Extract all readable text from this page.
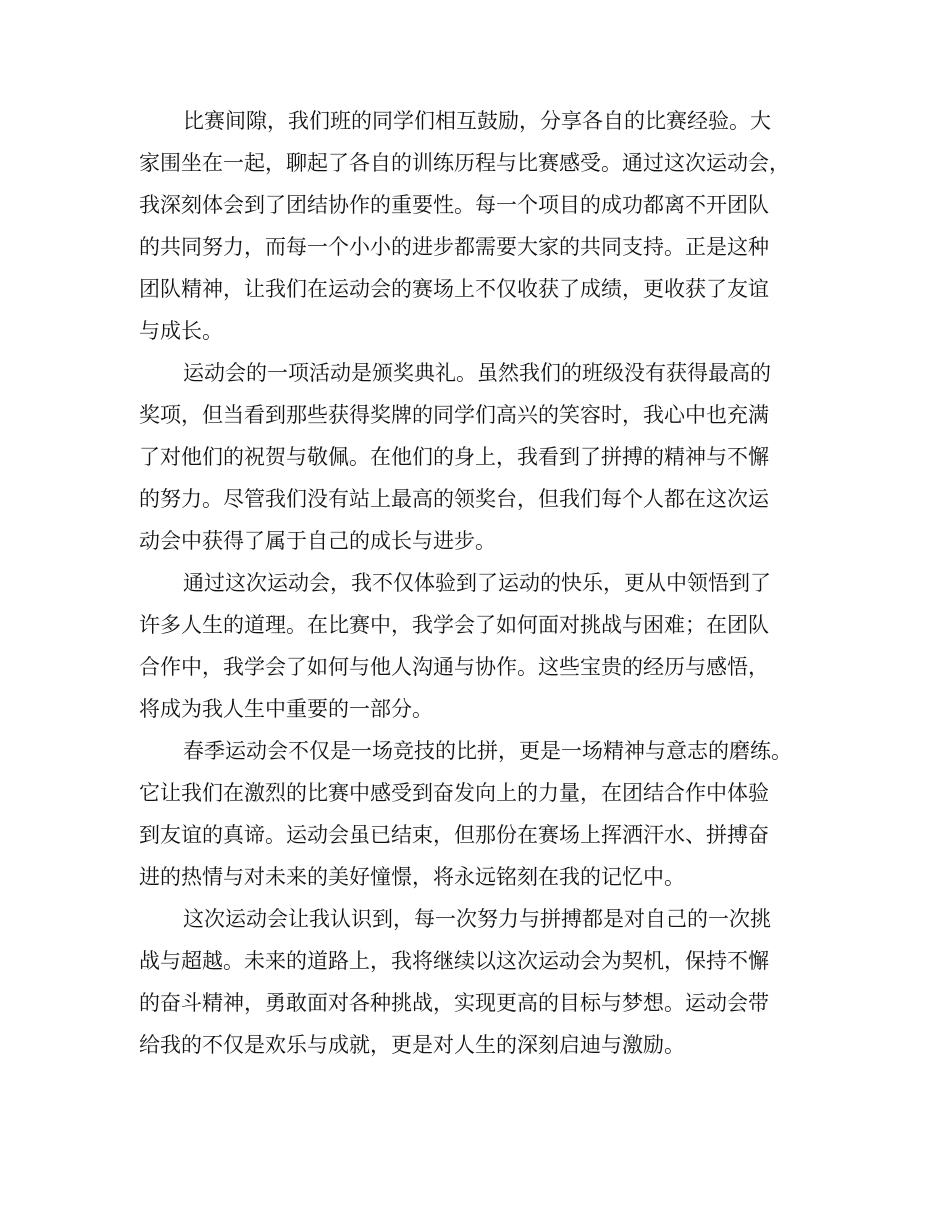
比赛间隙，我们班的同学们相互鼓励，分享各自的比赛经验。大
家围坐在一起，聊起了各自的训练历程与比赛感受。通过这次运动会，
我深刻体会到了团结协作的重要性。每一个项目的成功都离不开团队
的共同努力，而每一个小小的进步都需要大家的共同支持。正是这种
团队精神，让我们在运动会的赛场上不仅收获了成绩，更收获了友谊
与成长。
运动会的一项活动是颁奖典礼。虽然我们的班级没有获得最高的
奖项，但当看到那些获得奖牌的同学们高兴的笑容时，我心中也充满
了对他们的祝贺与敬佩。在他们的身上，我看到了拼搏的精神与不懈
的努力。尽管我们没有站上最高的领奖台，但我们每个人都在这次运
动会中获得了属于自己的成长与进步。
通过这次运动会，我不仅体验到了运动的快乐，更从中领悟到了
许多人生的道理。在比赛中，我学会了如何面对挑战与困难；在团队
合作中，我学会了如何与他人沟通与协作。这些宝贵的经历与感悟，
将成为我人生中重要的一部分。
春季运动会不仅是一场竞技的比拼，更是一场精神与意志的磨练。
它让我们在激烈的比赛中感受到奋发向上的力量，在团结合作中体验
到友谊的真谛。运动会虽已结束，但那份在赛场上挥洒汗水、拼搏奋
进的热情与对未来的美好憧憬，将永远铭刻在我的记忆中。
这次运动会让我认识到，每一次努力与拼搏都是对自己的一次挑
战与超越。未来的道路上，我将继续以这次运动会为契机，保持不懈
的奋斗精神，勇敢面对各种挑战，实现更高的目标与梦想。运动会带
给我的不仅是欢乐与成就，更是对人生的深刻启迪与激励。
